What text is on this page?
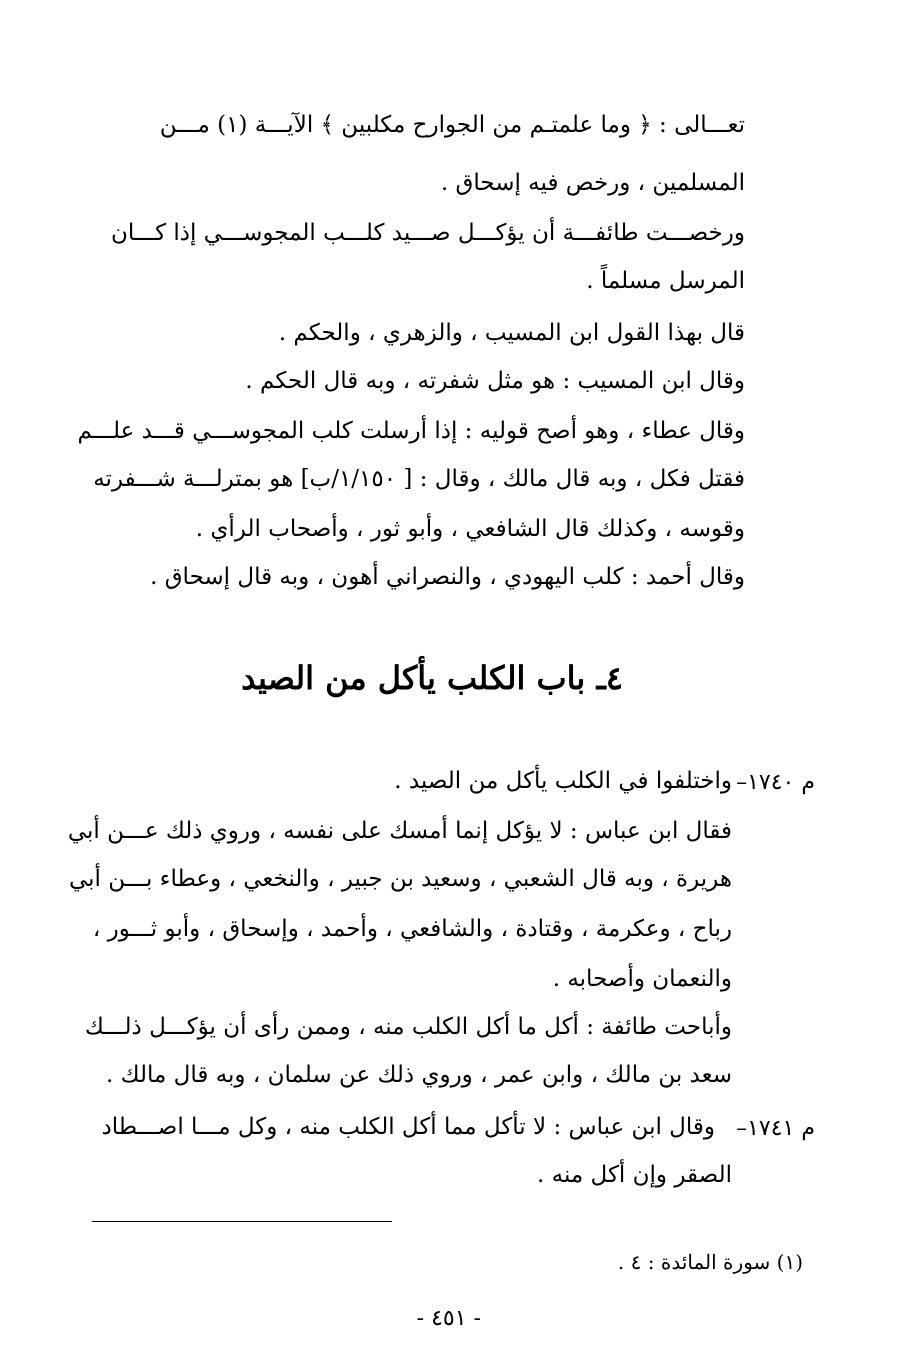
تعـــالى : ﴿ وما علمتـم من الجوارح مكلبين ﴾ الآيـــة (١) مـــن
المسلمين ، ورخص فيه إسحاق .
ورخصـــت طائفـــة أن يؤكـــل صـــيد كلـــب المجوســـي إذا كـــان
المرسل مسلماً .
قال بهذا القول ابن المسيب ، والزهري ، والحكم .
وقال ابن المسيب : هو مثل شفرته ، وبه قال الحكم .
وقال عطاء ، وهو أصح قوليه : إذا أرسلت كلب المجوســـي قـــد علـــم
فقتل فكل ، وبه قال مالك ، وقال : [ ١/١٥٠/ب] هو بمترلـــة شـــفرته
وقوسه ، وكذلك قال الشافعي ، وأبو ثور ، وأصحاب الرأي .
وقال أحمد : كلب اليهودي ، والنصراني أهون ، وبه قال إسحاق .
٤ـ باب الكلب يأكل من الصيد
م ١٧٤٠–
واختلفوا في الكلب يأكل من الصيد .
فقال ابن عباس : لا يؤكل إنما أمسك على نفسه ، وروي ذلك عـــن أبي
هريرة ، وبه قال الشعبي ، وسعيد بن جبير ، والنخعي ، وعطاء بـــن أبي
رباح ، وعكرمة ، وقتادة ، والشافعي ، وأحمد ، وإسحاق ، وأبو ثـــور ،
والنعمان وأصحابه .
وأباحت طائفة : أكل ما أكل الكلب منه ، وممن رأى أن يؤكـــل ذلـــك
سعد بن مالك ، وابن عمر ، وروي ذلك عن سلمان ، وبه قال مالك .
م ١٧٤١–
وقال ابن عباس : لا تأكل مما أكل الكلب منه ، وكل مـــا اصـــطاد
الصقر وإن أكل منه .
(١) سورة المائدة : ٤ .
- ٤٥١ -
